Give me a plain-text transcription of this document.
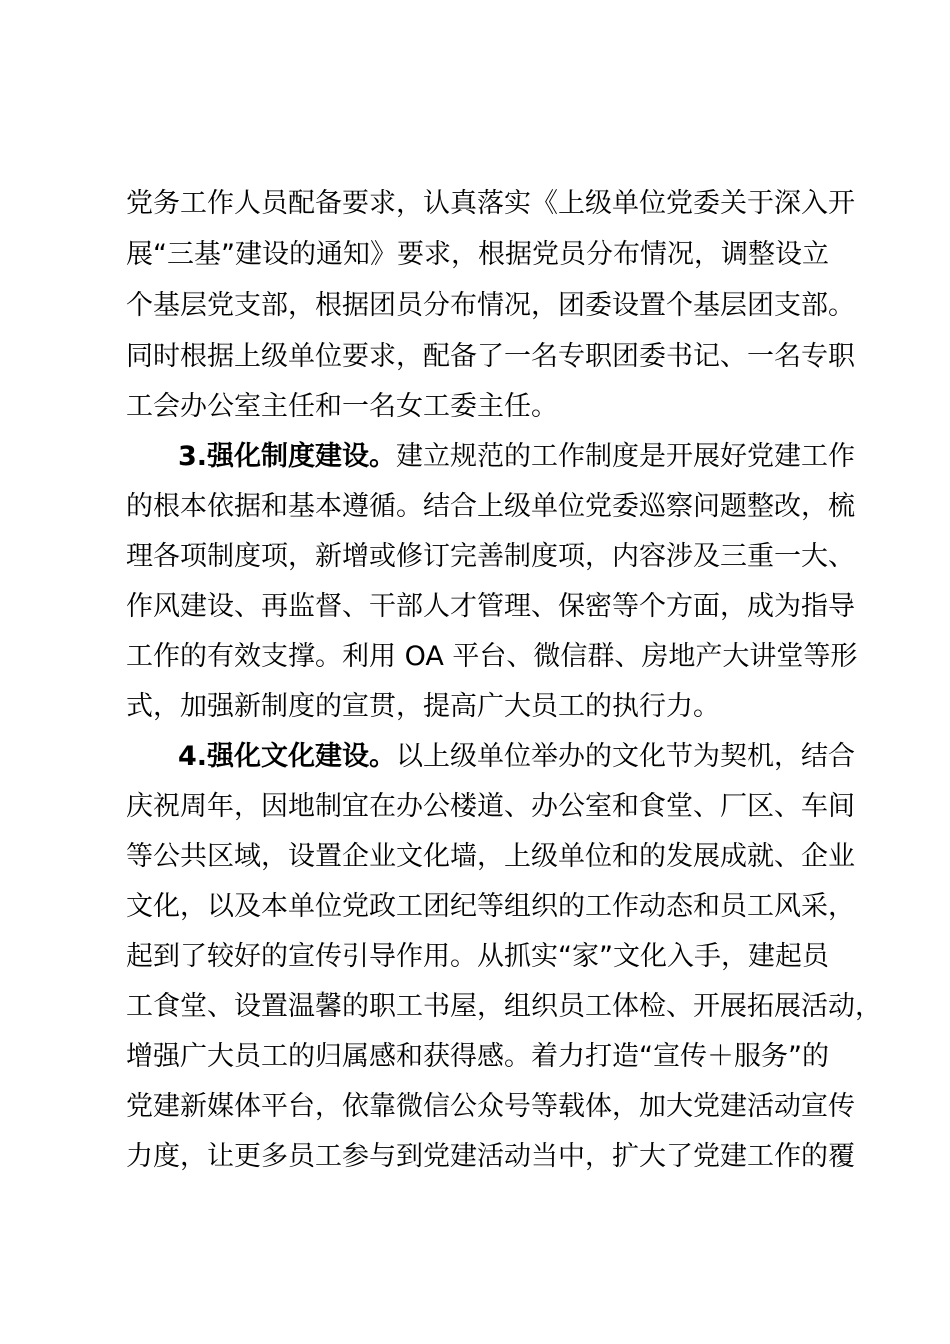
党务工作人员配备要求，认真落实《上级单位党委关于深入开
展“三基”建设的通知》要求，根据党员分布情况，调整设立
个基层党支部，根据团员分布情况，团委设置个基层团支部。
同时根据上级单位要求，配备了一名专职团委书记、一名专职
工会办公室主任和一名女工委主任。
3.强化制度建设。建立规范的工作制度是开展好党建工作
的根本依据和基本遵循。结合上级单位党委巡察问题整改，梳
理各项制度项，新增或修订完善制度项，内容涉及三重一大、
作风建设、再监督、干部人才管理、保密等个方面，成为指导
工作的有效支撑。利用 OA 平台、微信群、房地产大讲堂等形
式，加强新制度的宣贯，提高广大员工的执行力。
4.强化文化建设。以上级单位举办的文化节为契机，结合
庆祝周年，因地制宜在办公楼道、办公室和食堂、厂区、车间
等公共区域，设置企业文化墙，上级单位和的发展成就、企业
文化，以及本单位党政工团纪等组织的工作动态和员工风采，
起到了较好的宣传引导作用。从抓实“家”文化入手，建起员
工食堂、设置温馨的职工书屋，组织员工体检、开展拓展活动，
增强广大员工的归属感和获得感。着力打造“宣传＋服务”的
党建新媒体平台，依靠微信公众号等载体，加大党建活动宣传
力度，让更多员工参与到党建活动当中，扩大了党建工作的覆
